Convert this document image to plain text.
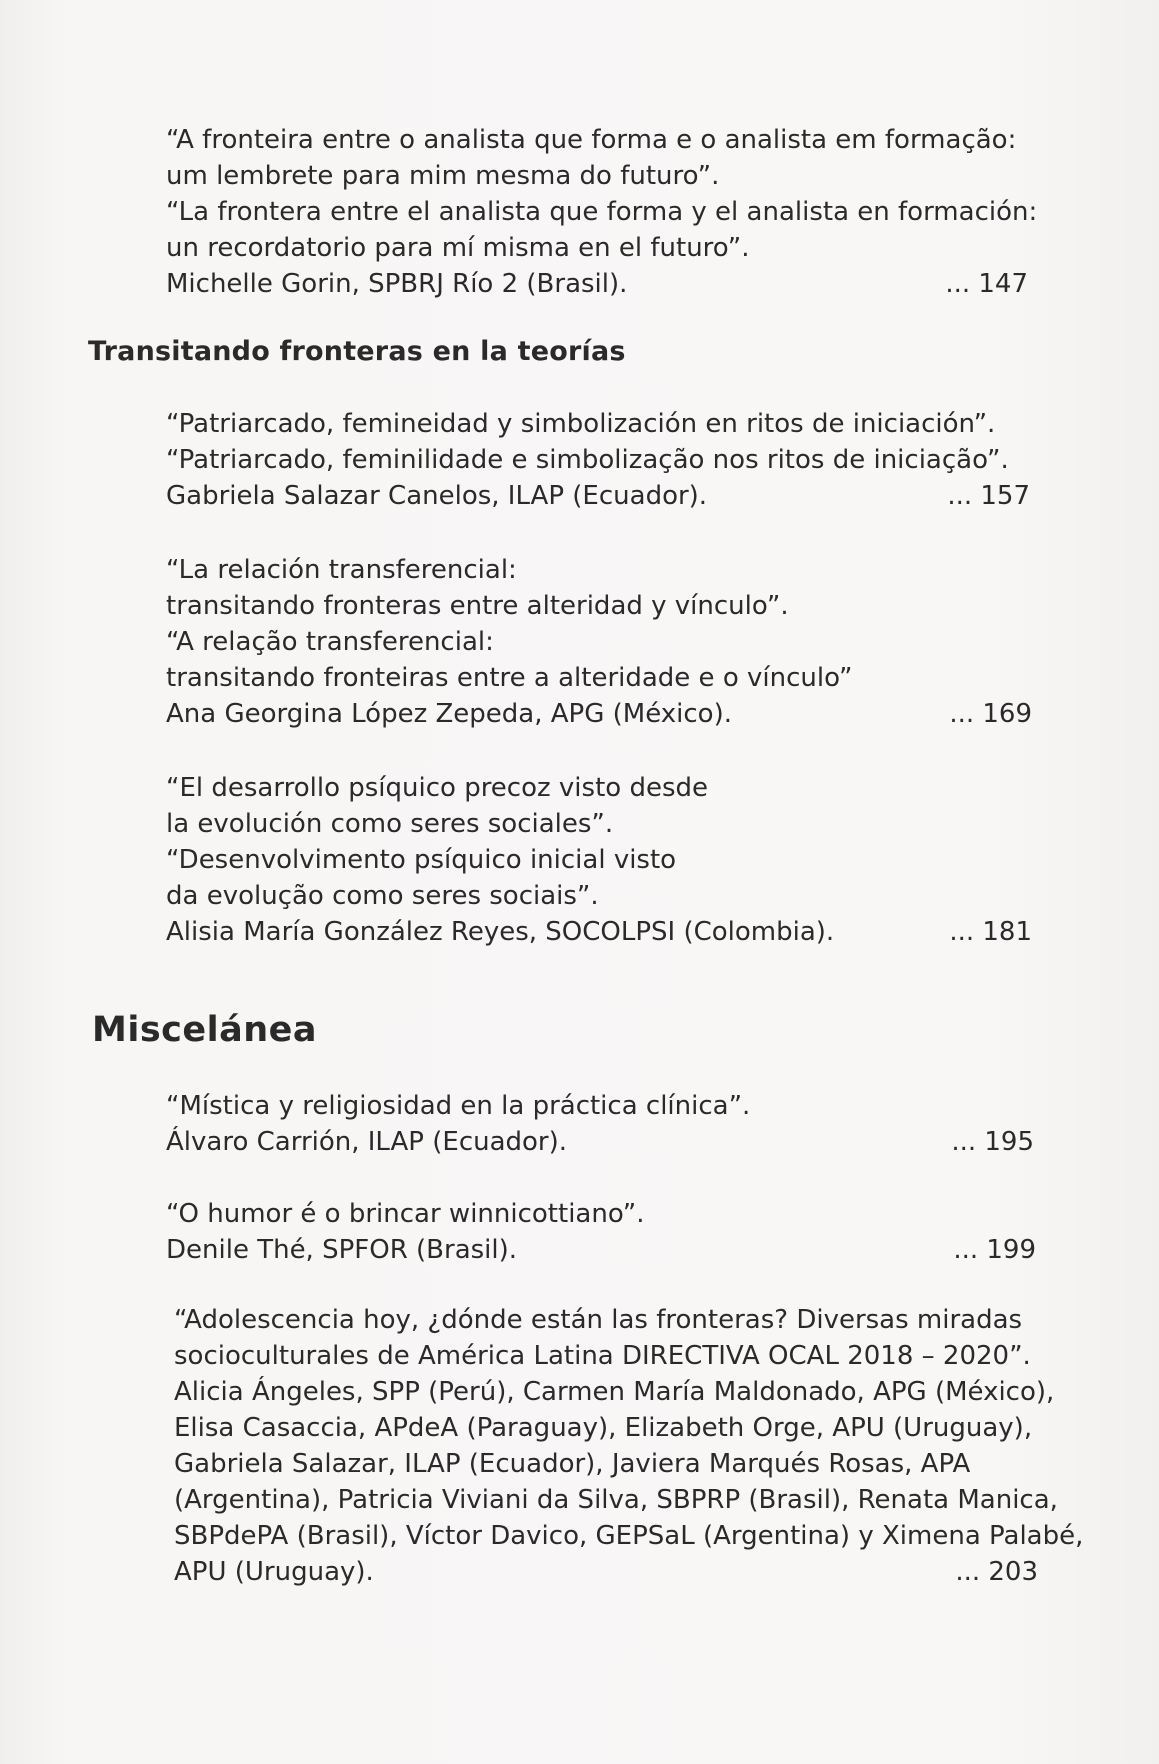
“A fronteira entre o analista que forma e o analista em formação:
um lembrete para mim mesma do futuro”.
“La frontera entre el analista que forma y el analista en formación:
un recordatorio para mí misma en el futuro”.
Michelle Gorin, SPBRJ Río 2 (Brasil).	... 147
Transitando fronteras en la teorías
“Patriarcado, femineidad y simbolización en ritos de iniciación”.
“Patriarcado, feminilidade e simbolização nos ritos de iniciação”.
Gabriela Salazar Canelos, ILAP (Ecuador).	... 157
“La relación transferencial:
transitando fronteras entre alteridad y vínculo”.
“A relação transferencial:
transitando fronteiras entre a alteridade e o vínculo”
Ana Georgina López Zepeda, APG (México).	... 169
“El desarrollo psíquico precoz visto desde
la evolución como seres sociales”.
“Desenvolvimento psíquico inicial visto
da evolução como seres sociais”.
Alisia María González Reyes, SOCOLPSI (Colombia).	... 181
Miscelánea
“Mística y religiosidad en la práctica clínica”.
Álvaro Carrión, ILAP (Ecuador).	... 195
“O humor é o brincar winnicottiano”.
Denile Thé, SPFOR (Brasil).	... 199
“Adolescencia hoy, ¿dónde están las fronteras? Diversas miradas
socioculturales de América Latina DIRECTIVA OCAL 2018 – 2020”.
Alicia Ángeles, SPP (Perú), Carmen María Maldonado, APG (México),
Elisa Casaccia, APdeA (Paraguay), Elizabeth Orge, APU (Uruguay),
Gabriela Salazar, ILAP (Ecuador), Javiera Marqués Rosas, APA
(Argentina), Patricia Viviani da Silva, SBPRP (Brasil), Renata Manica,
SBPdePA (Brasil), Víctor Davico, GEPSaL (Argentina) y Ximena Palabé,
APU (Uruguay).	... 203
